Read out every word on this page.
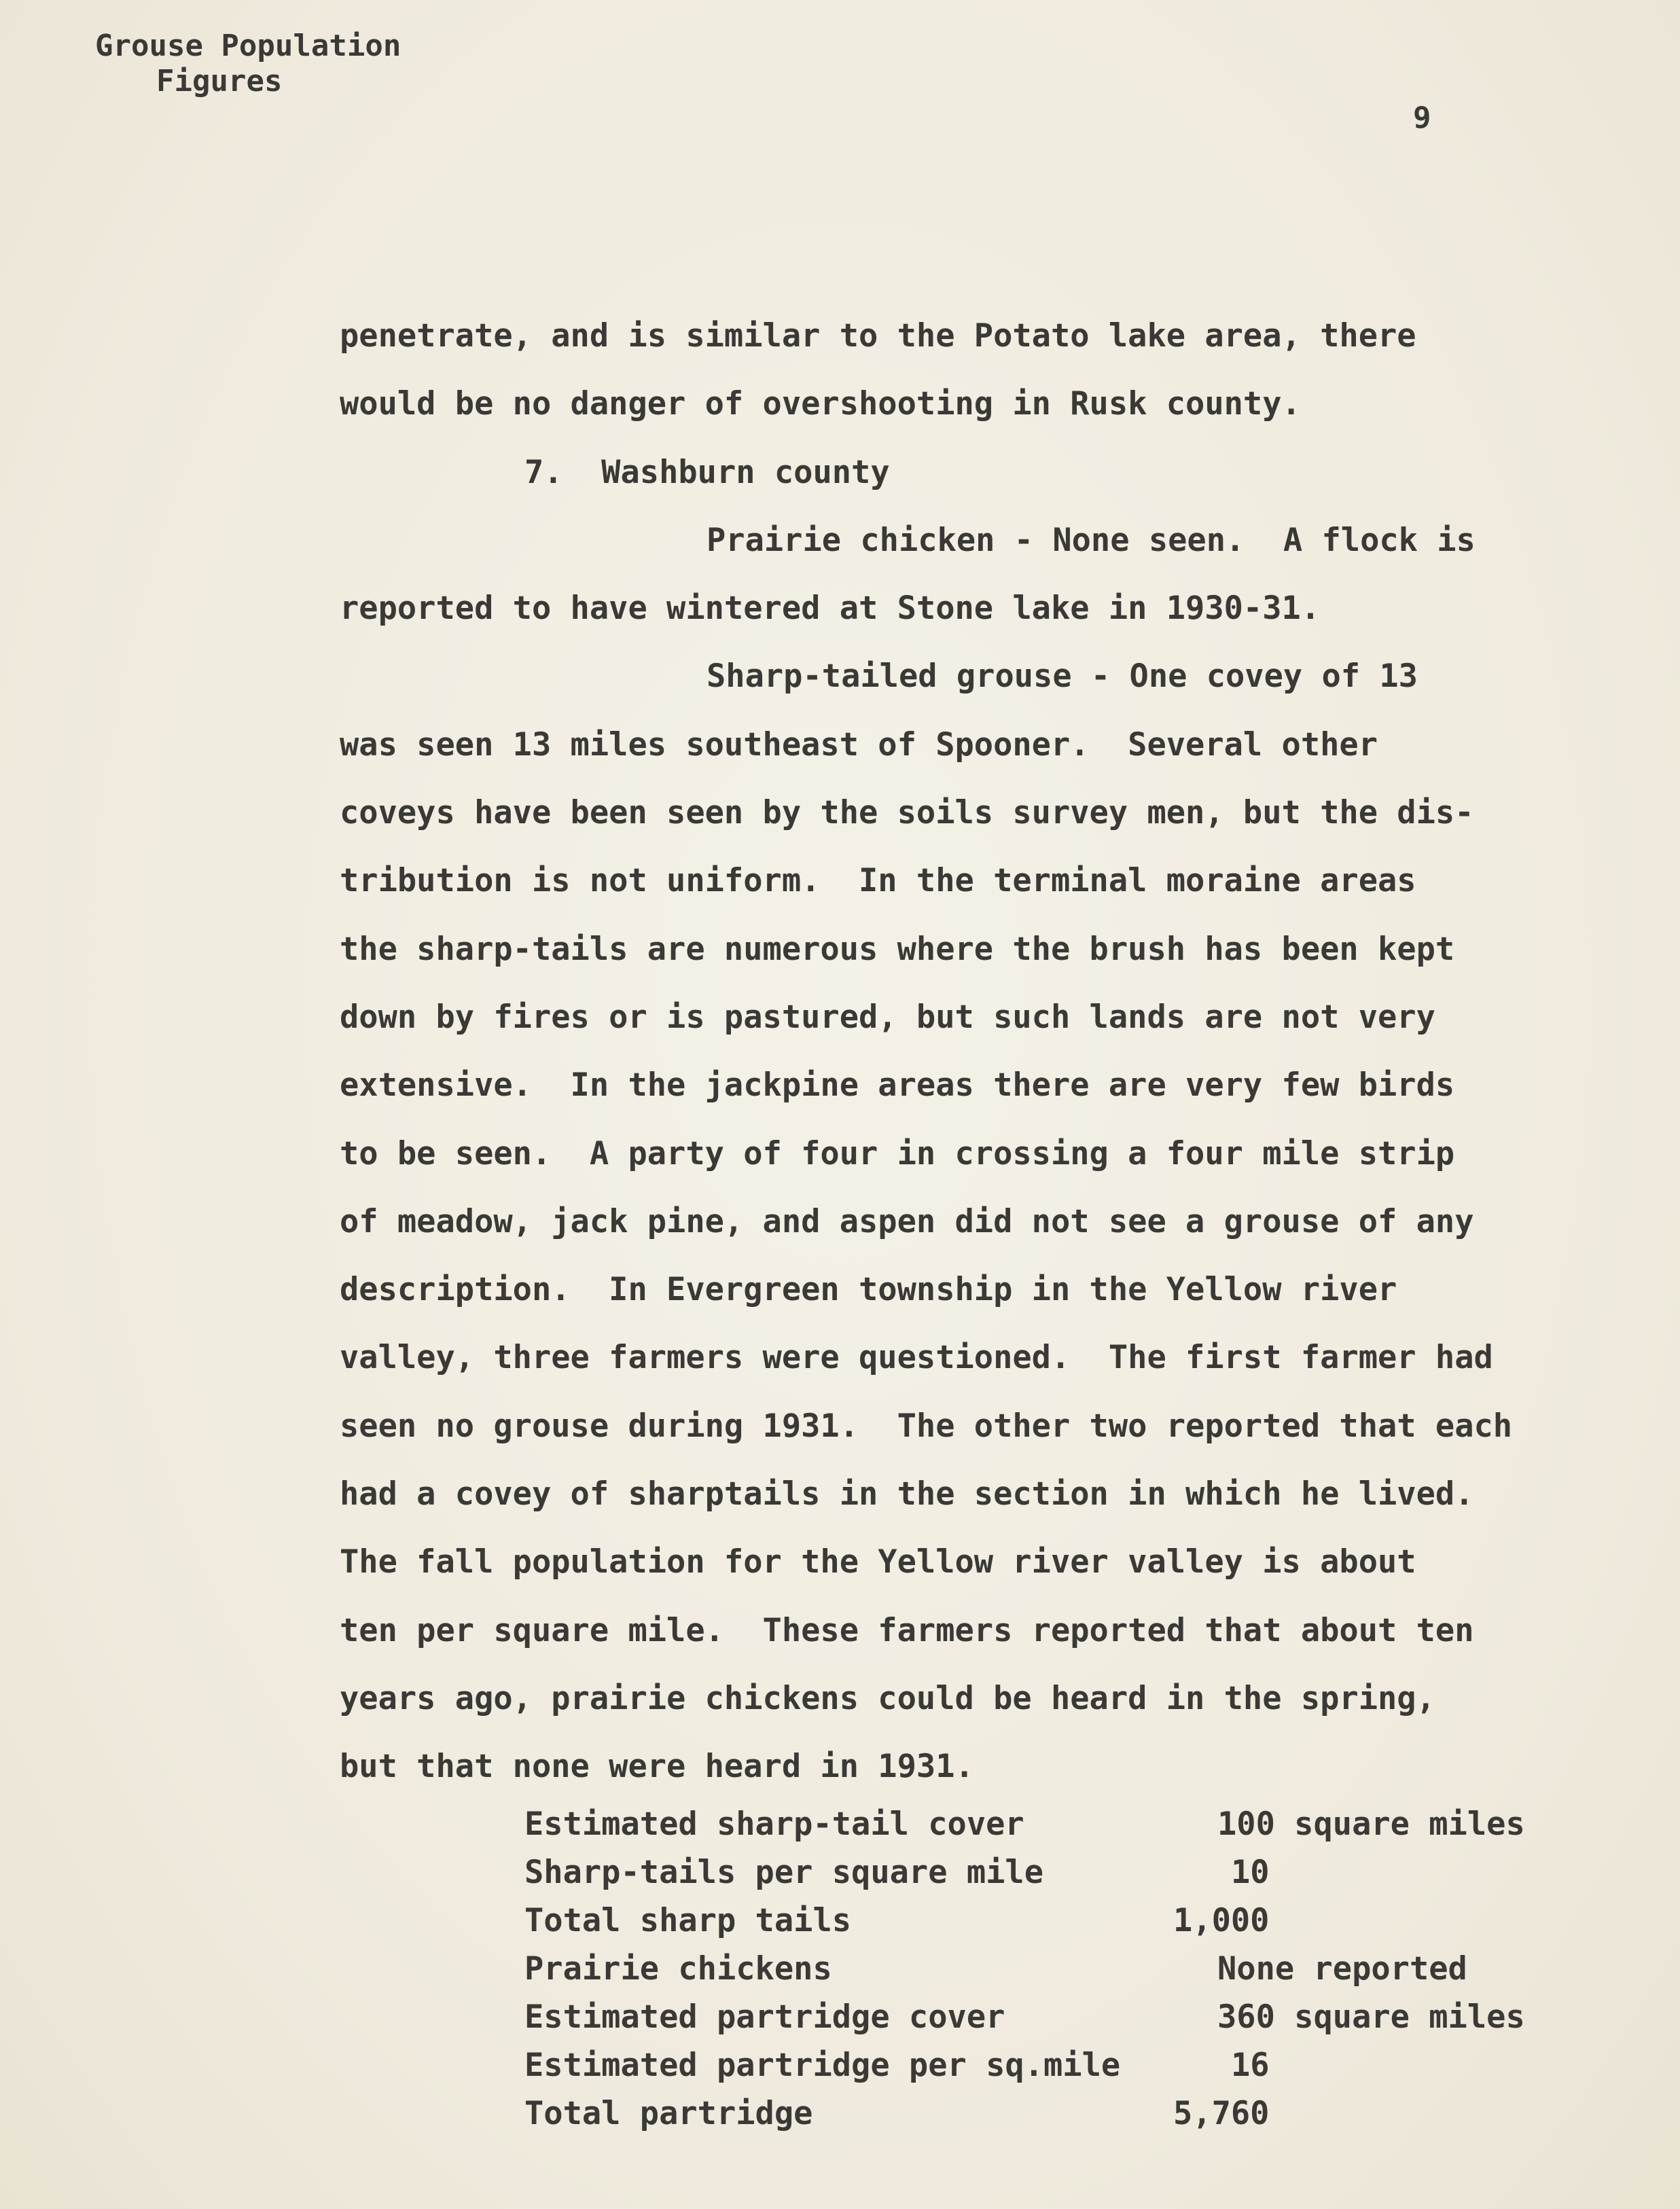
Grouse Population
Figures
9
penetrate, and is similar to the Potato lake area, there
would be no danger of overshooting in Rusk county.
7.  Washburn county
Prairie chicken - None seen.  A flock is
reported to have wintered at Stone lake in 1930-31.
Sharp-tailed grouse - One covey of 13
was seen 13 miles southeast of Spooner.  Several other
coveys have been seen by the soils survey men, but the dis-
tribution is not uniform.  In the terminal moraine areas
the sharp-tails are numerous where the brush has been kept
down by fires or is pastured, but such lands are not very
extensive.  In the jackpine areas there are very few birds
to be seen.  A party of four in crossing a four mile strip
of meadow, jack pine, and aspen did not see a grouse of any
description.  In Evergreen township in the Yellow river
valley, three farmers were questioned.  The first farmer had
seen no grouse during 1931.  The other two reported that each
had a covey of sharptails in the section in which he lived.
The fall population for the Yellow river valley is about
ten per square mile.  These farmers reported that about ten
years ago, prairie chickens could be heard in the spring,
but that none were heard in 1931.
Estimated sharp-tail cover	100 square miles
Sharp-tails per square mile	10
Total sharp tails	1,000
Prairie chickens	None reported
Estimated partridge cover	360 square miles
Estimated partridge per sq.mile	16
Total partridge	5,760
